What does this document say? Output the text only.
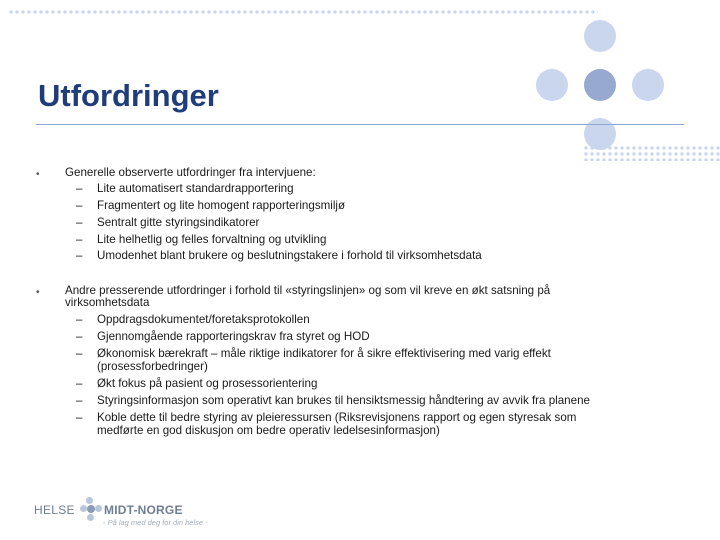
Utfordringer
• Generelle observerte utfordringer fra intervjuene:
– Lite automatisert standardrapportering
– Fragmentert og lite homogent rapporteringsmiljø
– Sentralt gitte styringsindikatorer
– Lite helhetlig og felles forvaltning og utvikling
– Umodenhet blant brukere og beslutningstakere i forhold til virksomhetsdata
• Andre presserende utfordringer i forhold til «styringslinjen» og som vil kreve en økt satsning på
virksomhetsdata
– Oppdragsdokumentet/foretaksprotokollen
– Gjennomgående rapporteringskrav fra styret og HOD
– Økonomisk bærekraft – måle riktige indikatorer for å sikre effektivisering med varig effekt
(prosessforbedringer)
– Økt fokus på pasient og prosessorientering
– Styringsinformasjon som operativt kan brukes til hensiktsmessig håndtering av avvik fra planene
– Koble dette til bedre styring av pleieressursen (Riksrevisjonens rapport og egen styresak som
medførte en god diskusjon om bedre operativ ledelsesinformasjon)
HELSE MIDT-NORGE
- På lag med deg for din helse -
